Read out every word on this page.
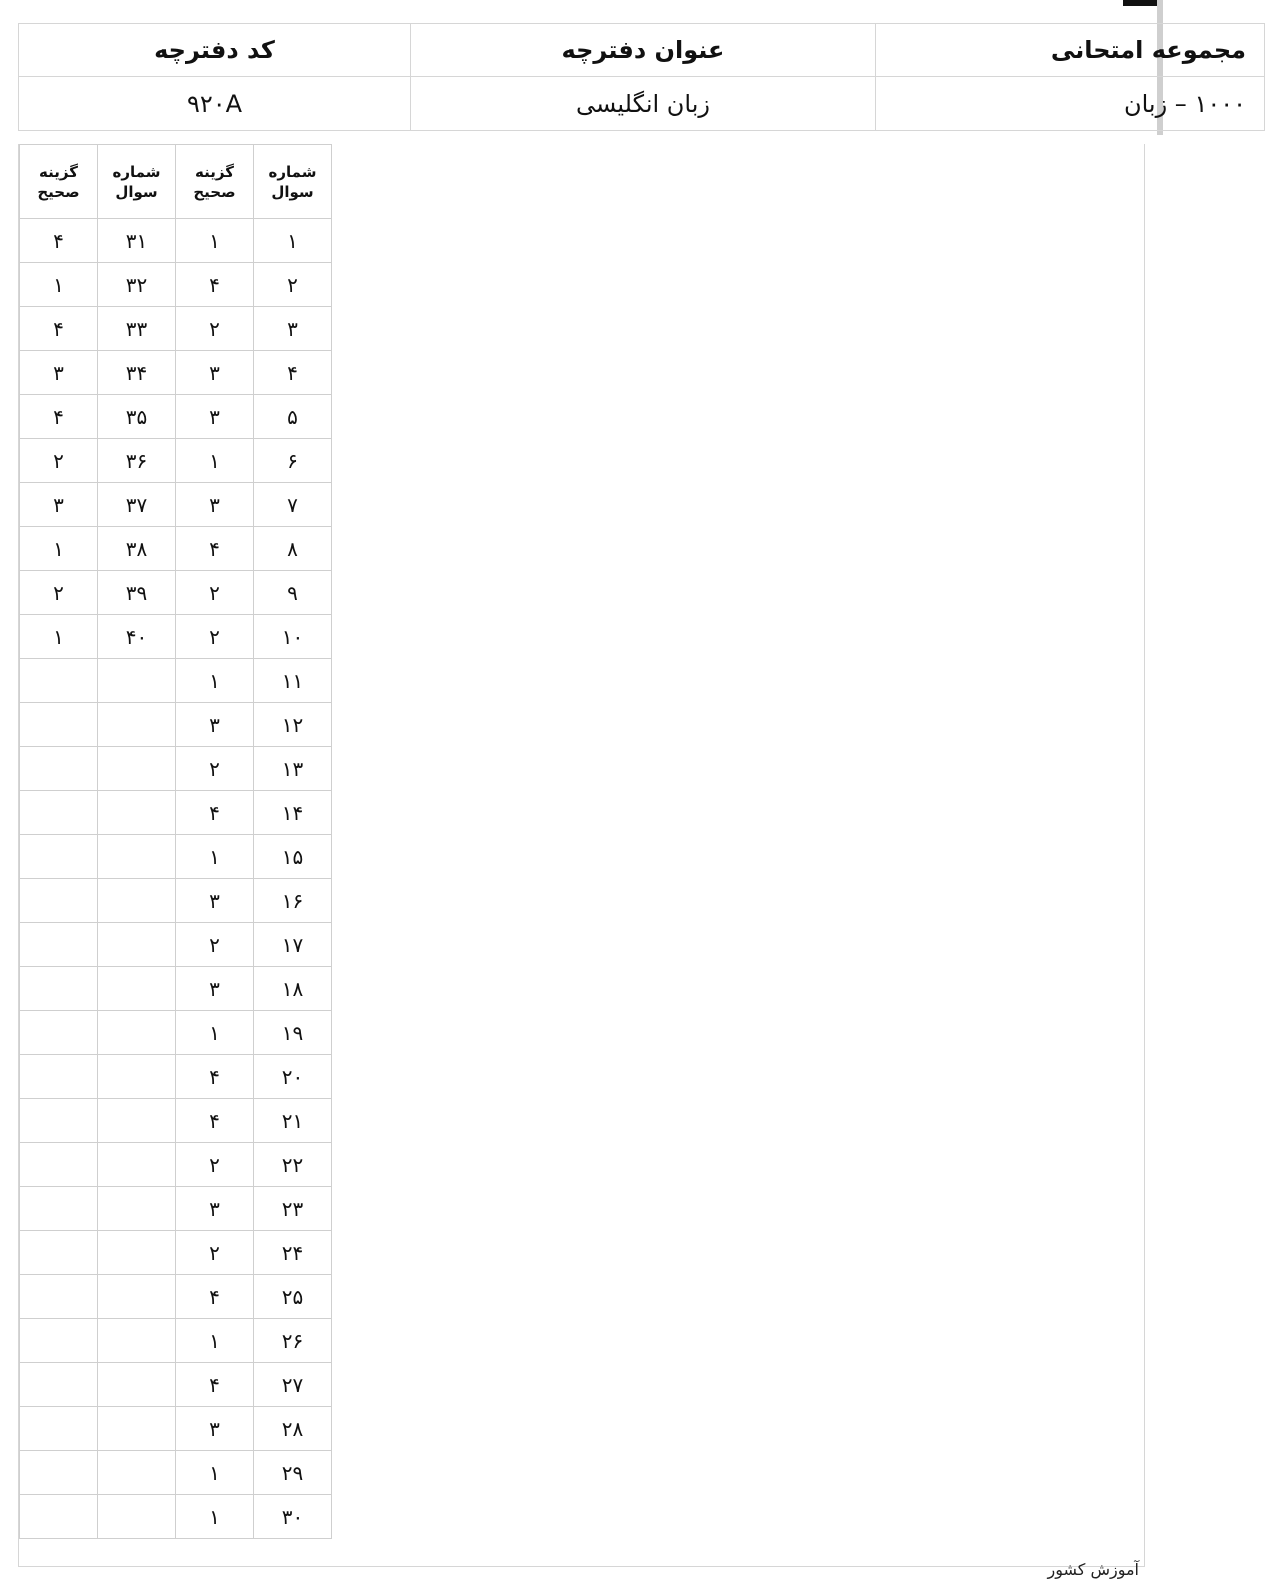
مجموعه امتحانی	عنوان دفترچه	کد دفترچه
۱۰۰۰ – زبان	زبان انگلیسی	۹۲۰A
شماره سوال	گزینه صحیح	شماره سوال	گزینه صحیح
۱	۱	۳۱	۴
۲	۴	۳۲	۱
۳	۲	۳۳	۴
۴	۳	۳۴	۳
۵	۳	۳۵	۴
۶	۱	۳۶	۲
۷	۳	۳۷	۳
۸	۴	۳۸	۱
۹	۲	۳۹	۲
۱۰	۲	۴۰	۱
۱۱	۱		
۱۲	۳		
۱۳	۲		
۱۴	۴		
۱۵	۱		
۱۶	۳		
۱۷	۲		
۱۸	۳		
۱۹	۱		
۲۰	۴		
۲۱	۴		
۲۲	۲		
۲۳	۳		
۲۴	۲		
۲۵	۴		
۲۶	۱		
۲۷	۴		
۲۸	۳		
۲۹	۱		
۳۰	۱		
آموزش کشور
